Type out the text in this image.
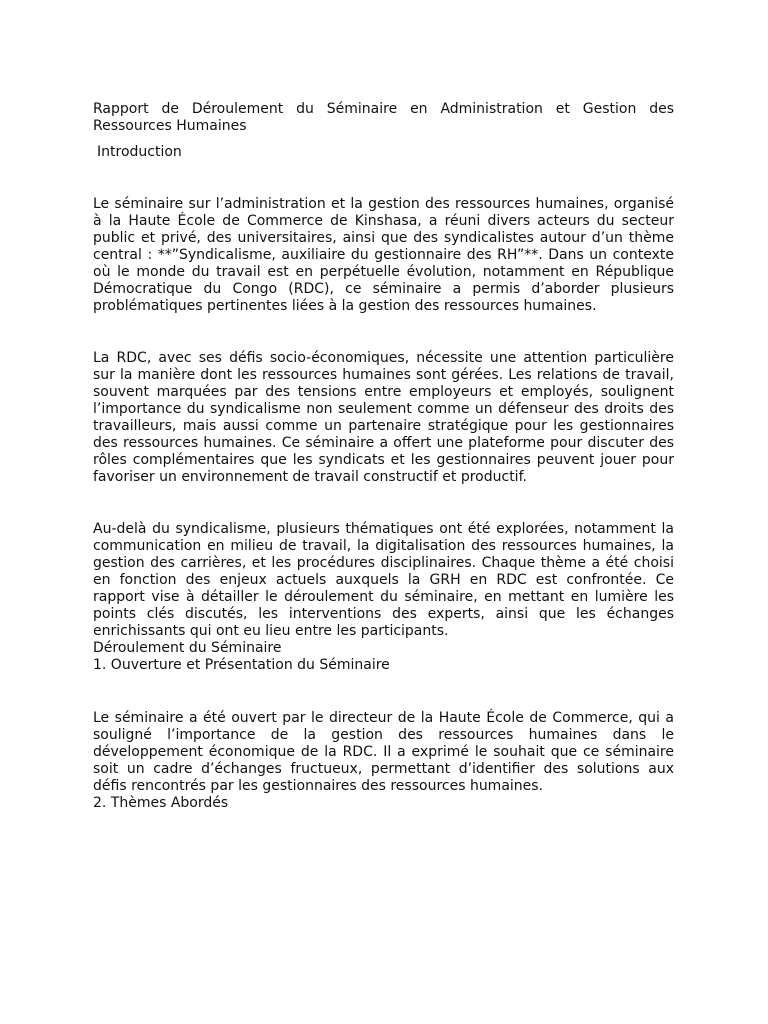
Rapport de Déroulement du Séminaire en Administration et Gestion des Ressources Humaines

Introduction

Le séminaire sur l’administration et la gestion des ressources humaines, organisé à la Haute École de Commerce de Kinshasa, a réuni divers acteurs du secteur public et privé, des universitaires, ainsi que des syndicalistes autour d’un thème central : **”Syndicalisme, auxiliaire du gestionnaire des RH”**. Dans un contexte où le monde du travail est en perpétuelle évolution, notamment en République Démocratique du Congo (RDC), ce séminaire a permis d’aborder plusieurs problématiques pertinentes liées à la gestion des ressources humaines.

La RDC, avec ses défis socio-économiques, nécessite une attention particulière sur la manière dont les ressources humaines sont gérées. Les relations de travail, souvent marquées par des tensions entre employeurs et employés, soulignent l’importance du syndicalisme non seulement comme un défenseur des droits des travailleurs, mais aussi comme un partenaire stratégique pour les gestionnaires des ressources humaines. Ce séminaire a offert une plateforme pour discuter des rôles complémentaires que les syndicats et les gestionnaires peuvent jouer pour favoriser un environnement de travail constructif et productif.

Au-delà du syndicalisme, plusieurs thématiques ont été explorées, notamment la communication en milieu de travail, la digitalisation des ressources humaines, la gestion des carrières, et les procédures disciplinaires. Chaque thème a été choisi en fonction des enjeux actuels auxquels la GRH en RDC est confrontée. Ce rapport vise à détailler le déroulement du séminaire, en mettant en lumière les points clés discutés, les interventions des experts, ainsi que les échanges enrichissants qui ont eu lieu entre les participants.

Déroulement du Séminaire

1. Ouverture et Présentation du Séminaire

Le séminaire a été ouvert par le directeur de la Haute École de Commerce, qui a souligné l’importance de la gestion des ressources humaines dans le développement économique de la RDC. Il a exprimé le souhait que ce séminaire soit un cadre d’échanges fructueux, permettant d’identifier des solutions aux défis rencontrés par les gestionnaires des ressources humaines.

2. Thèmes Abordés
